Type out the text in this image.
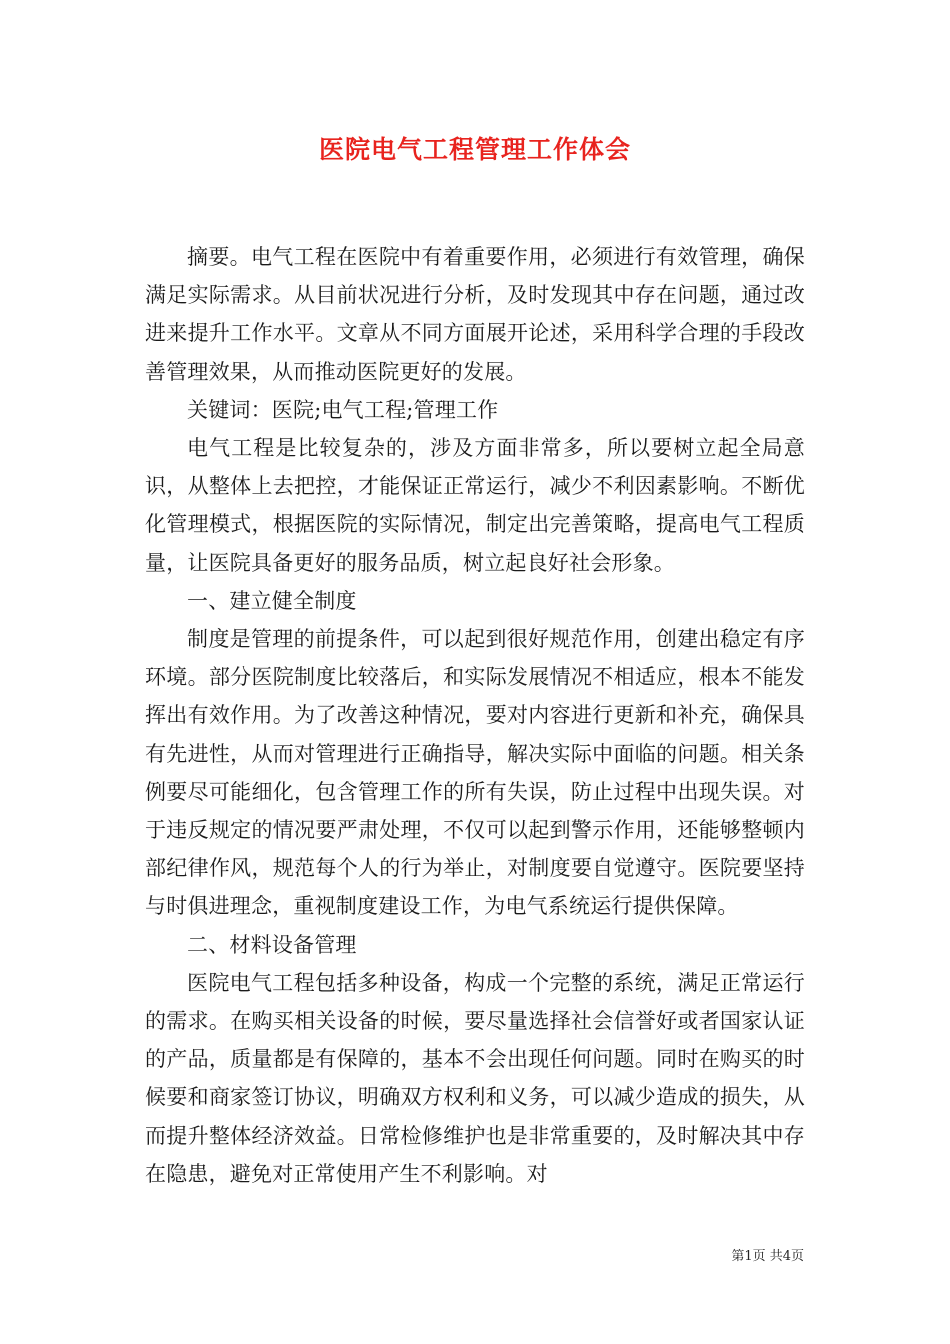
医院电气工程管理工作体会

摘要。电气工程在医院中有着重要作用，必须进行有效管理，确保满足实际需求。从目前状况进行分析，及时发现其中存在问题，通过改进来提升工作水平。文章从不同方面展开论述，采用科学合理的手段改善管理效果，从而推动医院更好的发展。

关键词：医院;电气工程;管理工作

电气工程是比较复杂的，涉及方面非常多，所以要树立起全局意识，从整体上去把控，才能保证正常运行，减少不利因素影响。不断优化管理模式，根据医院的实际情况，制定出完善策略，提高电气工程质量，让医院具备更好的服务品质，树立起良好社会形象。

一、建立健全制度

制度是管理的前提条件，可以起到很好规范作用，创建出稳定有序环境。部分医院制度比较落后，和实际发展情况不相适应，根本不能发挥出有效作用。为了改善这种情况，要对内容进行更新和补充，确保具有先进性，从而对管理进行正确指导，解决实际中面临的问题。相关条例要尽可能细化，包含管理工作的所有失误，防止过程中出现失误。对于违反规定的情况要严肃处理，不仅可以起到警示作用，还能够整顿内部纪律作风，规范每个人的行为举止，对制度要自觉遵守。医院要坚持与时俱进理念，重视制度建设工作，为电气系统运行提供保障。

二、材料设备管理

医院电气工程包括多种设备，构成一个完整的系统，满足正常运行的需求。在购买相关设备的时候，要尽量选择社会信誉好或者国家认证的产品，质量都是有保障的，基本不会出现任何问题。同时在购买的时候要和商家签订协议，明确双方权利和义务，可以减少造成的损失，从而提升整体经济效益。日常检修维护也是非常重要的，及时解决其中存在隐患，避免对正常使用产生不利影响。对

第1页 共4页
